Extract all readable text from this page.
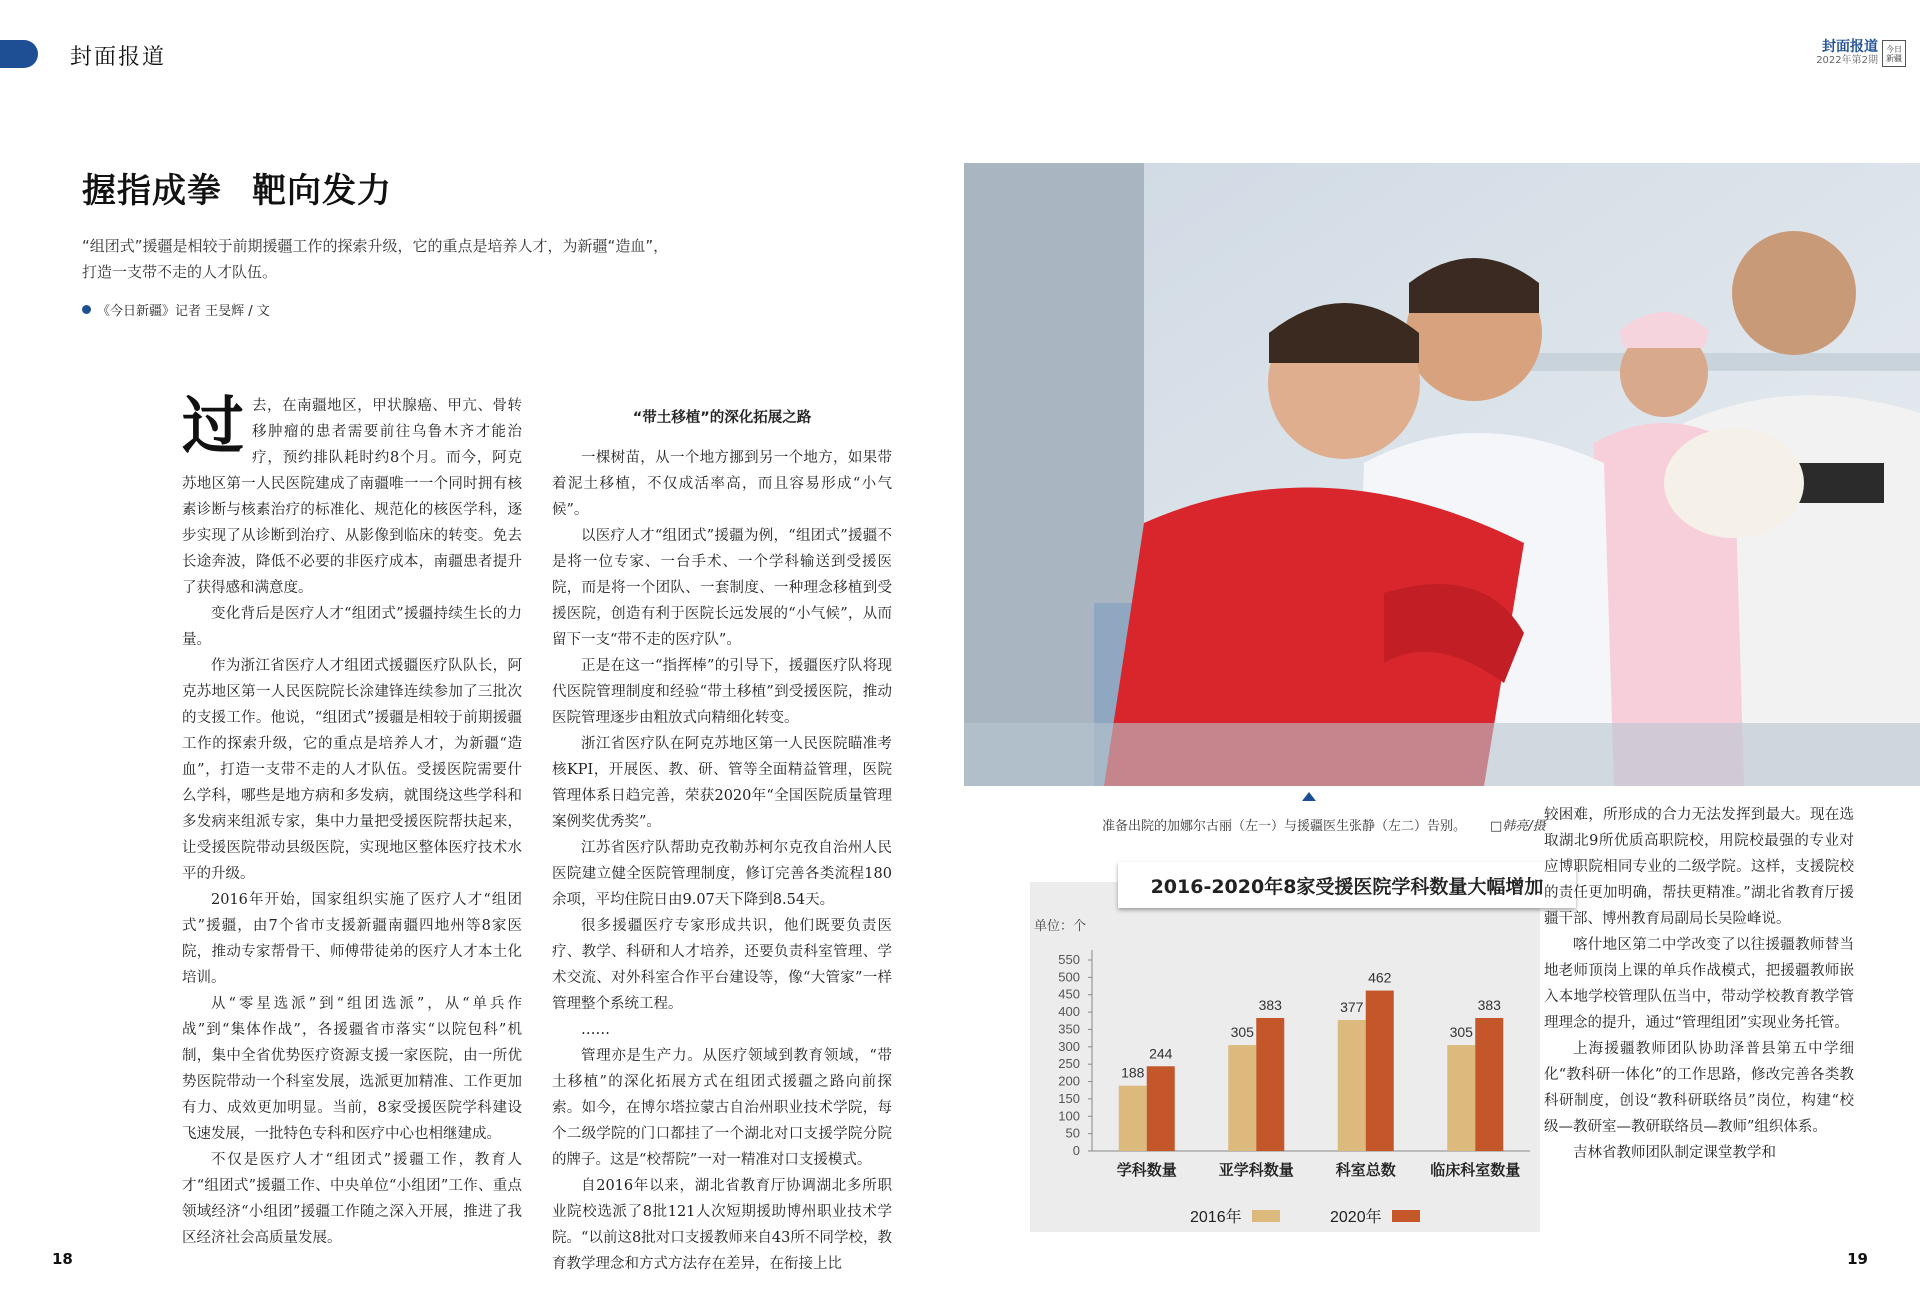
封面报道	封面报道
2022年第2期
今日
新疆
握指成拳 靶向发力
“组团式”援疆是相较于前期援疆工作的探索升级，它的重点是培养人才，为新疆“造血”，
打造一支带不走的人才队伍。
《今日新疆》记者 王旻辉 / 文

过去，在南疆地区，甲状腺癌、甲亢、骨转移肿瘤的患者需要前往乌鲁木齐才能治疗，预约排队耗时约8个月。而今，阿克苏地区第一人民医院建成了南疆唯一一个同时拥有核素诊断与核素治疗的标准化、规范化的核医学科，逐步实现了从诊断到治疗、从影像到临床的转变。免去长途奔波，降低不必要的非医疗成本，南疆患者提升了获得感和满意度。

变化背后是医疗人才“组团式”援疆持续生长的力量。

作为浙江省医疗人才组团式援疆医疗队队长，阿克苏地区第一人民医院院长涂建锋连续参加了三批次的支援工作。他说，“组团式”援疆是相较于前期援疆工作的探索升级，它的重点是培养人才，为新疆“造血”，打造一支带不走的人才队伍。受援医院需要什么学科，哪些是地方病和多发病，就围绕这些学科和多发病来组派专家，集中力量把受援医院帮扶起来，让受援医院带动县级医院，实现地区整体医疗技术水平的升级。

2016年开始，国家组织实施了医疗人才“组团式”援疆，由7个省市支援新疆南疆四地州等8家医院，推动专家帮骨干、师傅带徒弟的医疗人才本土化培训。

从“零星选派”到“组团选派”，从“单兵作战”到“集体作战”，各援疆省市落实“以院包科”机制，集中全省优势医疗资源支援一家医院，由一所优势医院带动一个科室发展，选派更加精准、工作更加有力、成效更加明显。当前，8家受援医院学科建设飞速发展，一批特色专科和医疗中心也相继建成。

不仅是医疗人才“组团式”援疆工作，教育人才“组团式”援疆工作、中央单位“小组团”工作、重点领域经济“小组团”援疆工作随之深入开展，推进了我区经济社会高质量发展。

“带土移植”的深化拓展之路

一棵树苗，从一个地方挪到另一个地方，如果带着泥土移植，不仅成活率高，而且容易形成“小气候”。

以医疗人才“组团式”援疆为例，“组团式”援疆不是将一位专家、一台手术、一个学科输送到受援医院，而是将一个团队、一套制度、一种理念移植到受援医院，创造有利于医院长远发展的“小气候”，从而留下一支“带不走的医疗队”。

正是在这一“指挥棒”的引导下，援疆医疗队将现代医院管理制度和经验“带土移植”到受援医院，推动医院管理逐步由粗放式向精细化转变。

浙江省医疗队在阿克苏地区第一人民医院瞄准考核KPI，开展医、教、研、管等全面精益管理，医院管理体系日趋完善，荣获2020年“全国医院质量管理案例奖优秀奖”。

江苏省医疗队帮助克孜勒苏柯尔克孜自治州人民医院建立健全医院管理制度，修订完善各类流程180余项，平均住院日由9.07天下降到8.54天。

很多援疆医疗专家形成共识，他们既要负责医疗、教学、科研和人才培养，还要负责科室管理、学术交流、对外科室合作平台建设等，像“大管家”一样管理整个系统工程。

……

管理亦是生产力。从医疗领域到教育领域，“带土移植”的深化拓展方式在组团式援疆之路向前探索。如今，在博尔塔拉蒙古自治州职业技术学院，每个二级学院的门口都挂了一个湖北对口支援学院分院的牌子。这是“校帮院”一对一精准对口支援模式。

自2016年以来，湖北省教育厅协调湖北多所职业院校选派了8批121人次短期援助博州职业技术学院。“以前这8批对口支援教师来自43所不同学校，教育教学理念和方式方法存在差异，在衔接上比

准备出院的加娜尔古丽（左一）与援疆医生张静（左二）告别。 □韩亮/摄
单位：个
0
50
100
150
200
250
300
350
400
450
500
550
188
244
学科数量
305
383
亚学科数量
377
462
科室总数
305
383
临床科室数量
2016年	2020年
2016-2020年8家受援医院学科数量大幅增加

较困难，所形成的合力无法发挥到最大。现在选取湖北9所优质高职院校，用院校最强的专业对应博职院相同专业的二级学院。这样，支援院校的责任更加明确，帮扶更精准。”湖北省教育厅援疆干部、博州教育局副局长吴险峰说。

喀什地区第二中学改变了以往援疆教师替当地老师顶岗上课的单兵作战模式，把援疆教师嵌入本地学校管理队伍当中，带动学校教育教学管理理念的提升，通过“管理组团”实现业务托管。

上海援疆教师团队协助泽普县第五中学细化“教科研一体化”的工作思路，修改完善各类教科研制度，创设“教科研联络员”岗位，构建“校级—教研室—教研联络员—教师”组织体系。

吉林省教师团队制定课堂教学和

18	19
